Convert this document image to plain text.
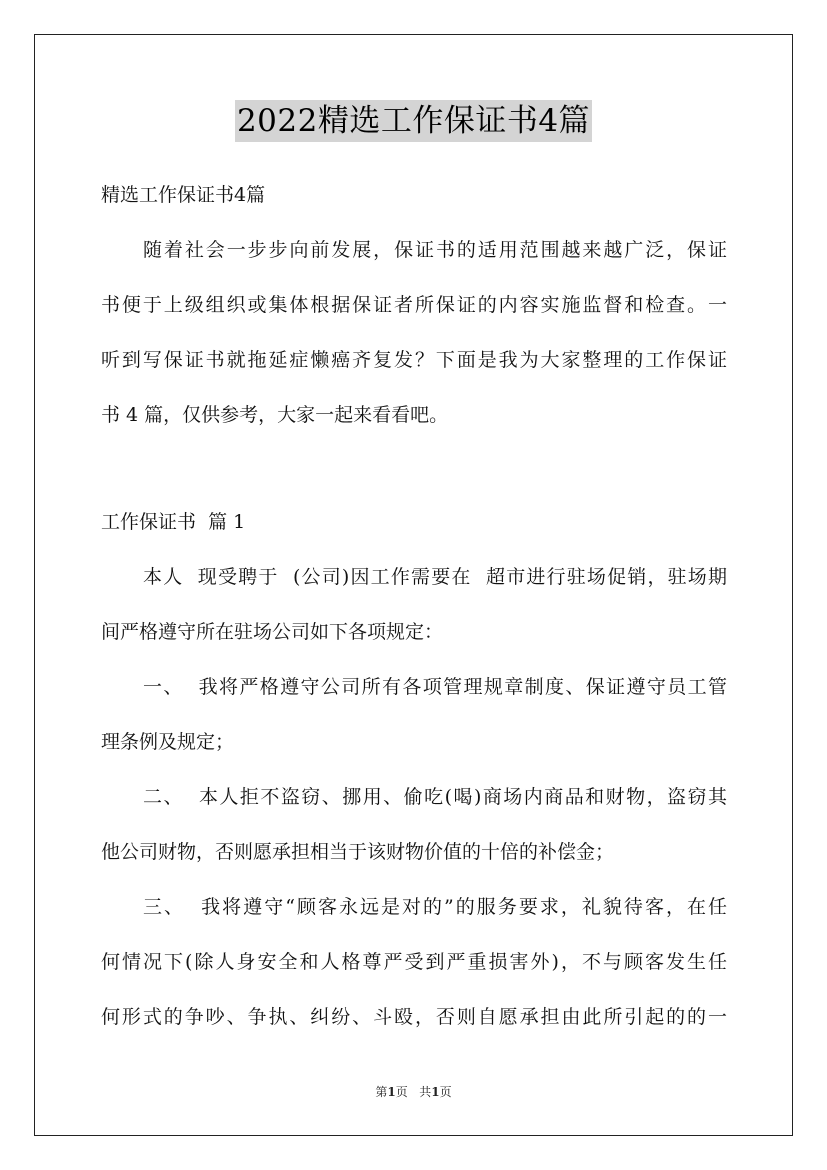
2022精选工作保证书4篇
精选工作保证书4篇
随着社会一步步向前发展，保证书的适用范围越来越广泛，保证
书便于上级组织或集体根据保证者所保证的内容实施监督和检查。一
听到写保证书就拖延症懒癌齐复发？下面是我为大家整理的工作保证
书 4 篇，仅供参考，大家一起来看看吧。
工作保证书  篇 1
本人  现受聘于  (公司)因工作需要在  超市进行驻场促销，驻场期
间严格遵守所在驻场公司如下各项规定：
一、  我将严格遵守公司所有各项管理规章制度、保证遵守员工管
理条例及规定；
二、  本人拒不盗窃、挪用、偷吃(喝)商场内商品和财物，盗窃其
他公司财物，否则愿承担相当于该财物价值的十倍的补偿金；
三、  我将遵守“顾客永远是对的”的服务要求，礼貌待客，在任
何情况下(除人身安全和人格尊严受到严重损害外)，不与顾客发生任
何形式的争吵、争执、纠纷、斗殴，否则自愿承担由此所引起的的一
第1页   共1页
